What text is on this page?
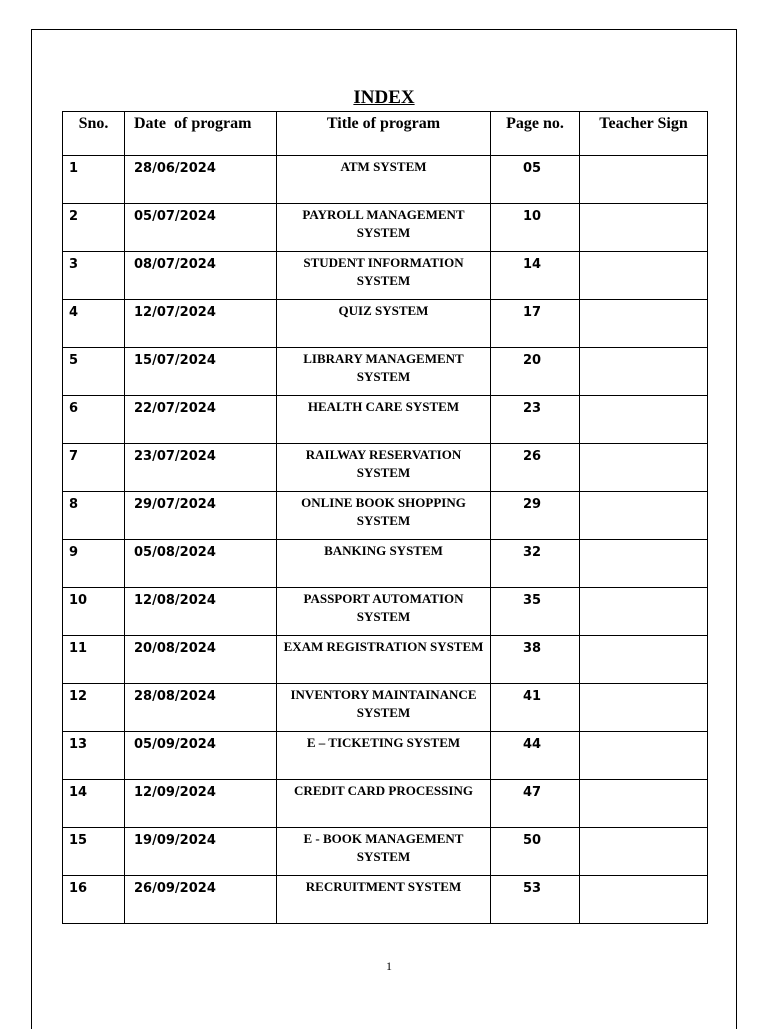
INDEX
Sno.	Date  of program	Title of program	Page no.	Teacher Sign
1	28/06/2024	ATM SYSTEM	05	
2	05/07/2024	PAYROLL MANAGEMENT SYSTEM	10	
3	08/07/2024	STUDENT INFORMATION SYSTEM	14	
4	12/07/2024	QUIZ SYSTEM	17	
5	15/07/2024	LIBRARY MANAGEMENT SYSTEM	20	
6	22/07/2024	HEALTH CARE SYSTEM	23	
7	23/07/2024	RAILWAY RESERVATION SYSTEM	26	
8	29/07/2024	ONLINE BOOK SHOPPING SYSTEM	29	
9	05/08/2024	BANKING SYSTEM	32	
10	12/08/2024	PASSPORT AUTOMATION SYSTEM	35	
11	20/08/2024	EXAM REGISTRATION SYSTEM	38	
12	28/08/2024	INVENTORY MAINTAINANCE SYSTEM	41	
13	05/09/2024	E – TICKETING SYSTEM	44	
14	12/09/2024	CREDIT CARD PROCESSING	47	
15	19/09/2024	E - BOOK MANAGEMENT SYSTEM	50	
16	26/09/2024	RECRUITMENT SYSTEM	53	
1
